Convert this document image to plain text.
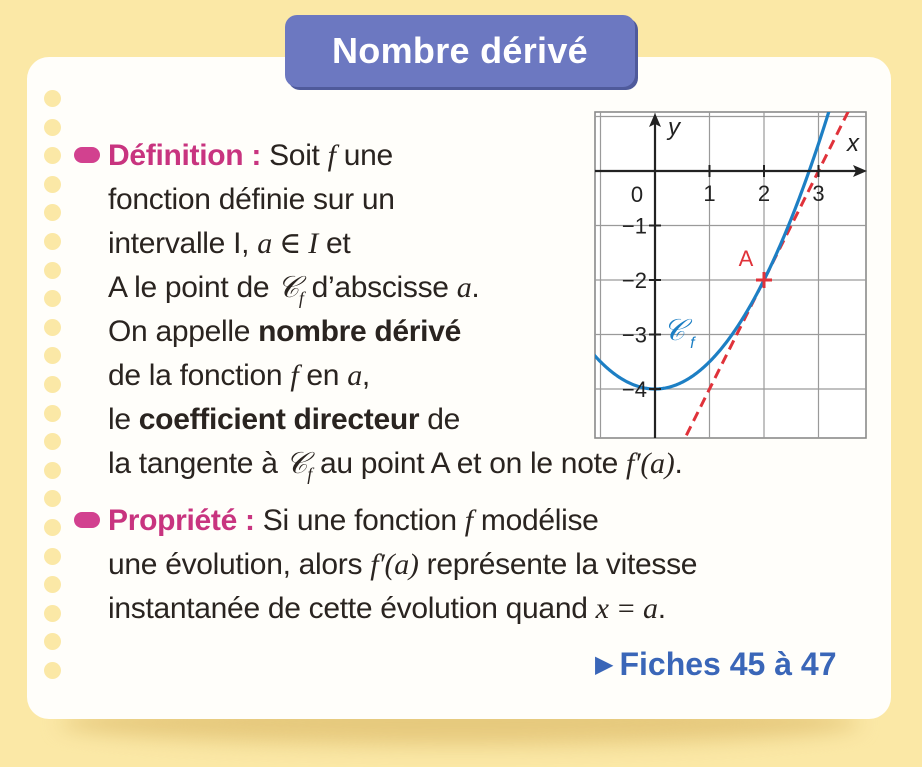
Nombre dérivé
Définition : Soit f une
fonction définie sur un
intervalle I, a ∈ I et
A le point de 𝒞$_f$ d’abscisse a.
On appelle nombre dérivé
de la fonction f en a,
le coefficient directeur de
la tangente à 𝒞$_f$ au point A et on le note f′(a).
Propriété : Si une fonction f modélise
une évolution, alors f′(a) représente la vitesse
instantanée de cette évolution quand x = a.
▶ Fiches 45 à 47
1 2 3
−1
−2
−3
−4
x
y
0
A
𝒞 f
